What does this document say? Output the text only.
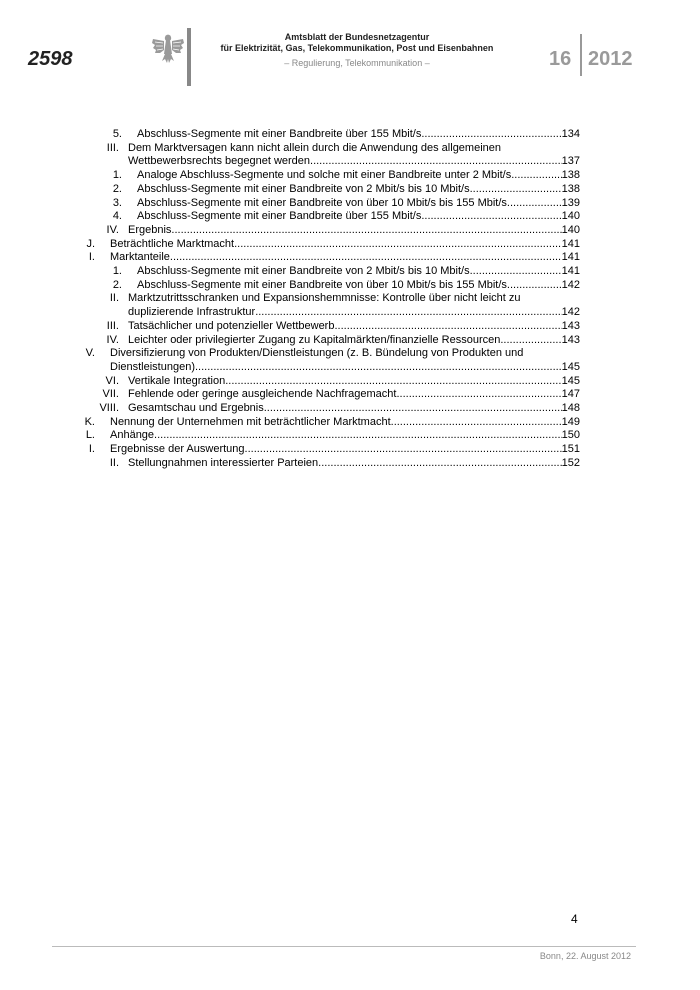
2598
Amtsblatt der Bundesnetzagentur
für Elektrizität, Gas, Telekommunikation, Post und Eisenbahnen
– Regulierung, Telekommunikation –	16 2012
5. Abschluss-Segmente mit einer Bandbreite über 155 Mbit/s .....	134
III. Dem Marktversagen kann nicht allein durch die Anwendung des allgemeinen
Wettbewerbsrechts begegnet werden .....	137
1. Analoge Abschluss-Segmente und solche mit einer Bandbreite unter 2 Mbit/s .....	138
2. Abschluss-Segmente mit einer Bandbreite von 2 Mbit/s bis 10 Mbit/s .....	138
3. Abschluss-Segmente mit einer Bandbreite von über 10 Mbit/s bis 155 Mbit/s .....	139
4. Abschluss-Segmente mit einer Bandbreite über 155 Mbit/s .....	140
IV. Ergebnis .....	140
J. Beträchtliche Marktmacht .....	141
I. Marktanteile .....	141
1. Abschluss-Segmente mit einer Bandbreite von 2 Mbit/s bis 10 Mbit/s .....	141
2. Abschluss-Segmente mit einer Bandbreite von über 10 Mbit/s bis 155 Mbit/s .....	142
II. Marktzutrittsschranken und Expansionshemmnisse: Kontrolle über nicht leicht zu
duplizierende Infrastruktur .....	142
III. Tatsächlicher und potenzieller Wettbewerb .....	143
IV. Leichter oder privilegierter Zugang zu Kapitalmärkten/finanzielle Ressourcen .....	143
V. Diversifizierung von Produkten/Dienstleistungen (z. B. Bündelung von Produkten und
Dienstleistungen) .....	145
VI. Vertikale Integration .....	145
VII. Fehlende oder geringe ausgleichende Nachfragemacht .....	147
VIII. Gesamtschau und Ergebnis .....	148
K. Nennung der Unternehmen mit beträchtlicher Marktmacht .....	149
L. Anhänge .....	150
I. Ergebnisse der Auswertung .....	151
II. Stellungnahmen interessierter Parteien .....	152
4
Bonn, 22. August 2012
